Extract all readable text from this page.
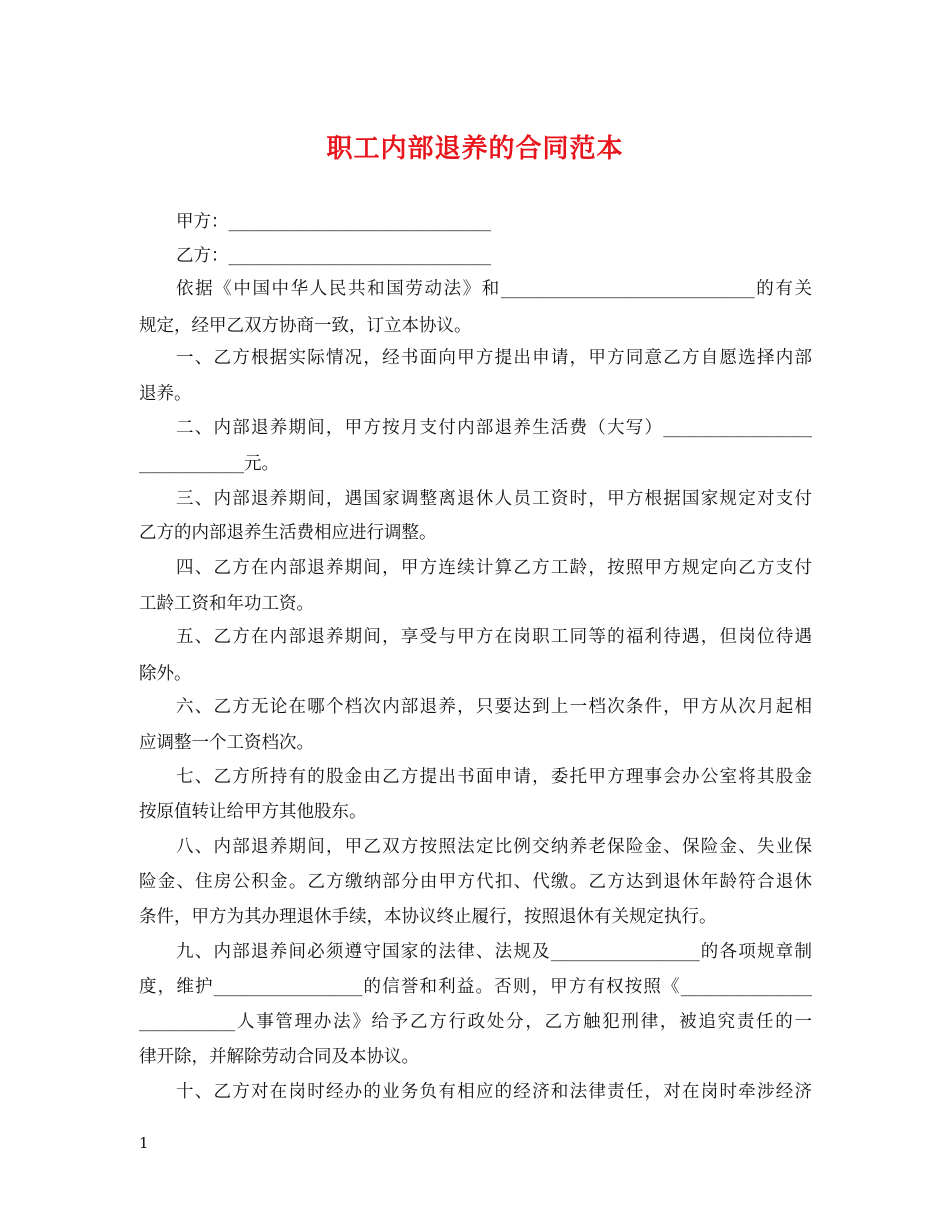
职工内部退养的合同范本
甲方：______________________________
乙方：______________________________
依据《中国中华人民共和国劳动法》和_____________________________的有关
规定，经甲乙双方协商一致，订立本协议。
一、乙方根据实际情况，经书面向甲方提出申请，甲方同意乙方自愿选择内部
退养。
二、内部退养期间，甲方按月支付内部退养生活费（大写）_________________
____________元。
三、内部退养期间，遇国家调整离退休人员工资时，甲方根据国家规定对支付
乙方的内部退养生活费相应进行调整。
四、乙方在内部退养期间，甲方连续计算乙方工龄，按照甲方规定向乙方支付
工龄工资和年功工资。
五、乙方在内部退养期间，享受与甲方在岗职工同等的福利待遇，但岗位待遇
除外。
六、乙方无论在哪个档次内部退养，只要达到上一档次条件，甲方从次月起相
应调整一个工资档次。
七、乙方所持有的股金由乙方提出书面申请，委托甲方理事会办公室将其股金
按原值转让给甲方其他股东。
八、内部退养期间，甲乙双方按照法定比例交纳养老保险金、保险金、失业保
险金、住房公积金。乙方缴纳部分由甲方代扣、代缴。乙方达到退休年龄符合退休
条件，甲方为其办理退休手续，本协议终止履行，按照退休有关规定执行。
九、内部退养间必须遵守国家的法律、法规及_________________的各项规章制
度，维护_________________的信誉和利益。否则，甲方有权按照《_______________
___________人事管理办法》给予乙方行政处分，乙方触犯刑律，被追究责任的一
律开除，并解除劳动合同及本协议。
十、乙方对在岗时经办的业务负有相应的经济和法律责任，对在岗时牵涉经济
1
